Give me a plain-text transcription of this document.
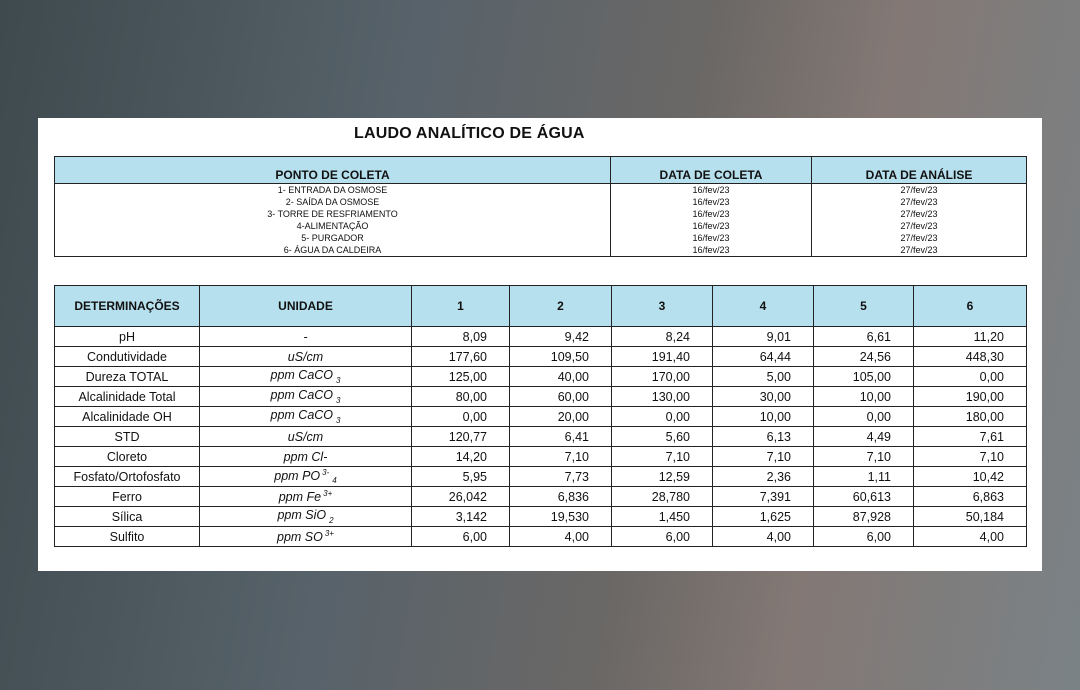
LAUDO ANALÍTICO DE ÁGUA
PONTO DE COLETA	DATA DE COLETA	DATA DE ANÁLISE
1- ENTRADA DA OSMOSE	16/fev/23	27/fev/23
2- SAÍDA DA OSMOSE	16/fev/23	27/fev/23
3- TORRE DE RESFRIAMENTO	16/fev/23	27/fev/23
4-ALIMENTAÇÃO	16/fev/23	27/fev/23
5- PURGADOR	16/fev/23	27/fev/23
6- ÁGUA DA CALDEIRA	16/fev/23	27/fev/23
DETERMINAÇÕES	UNIDADE	1	2	3	4	5	6
pH	-	8,09	9,42	8,24	9,01	6,61	11,20
Condutividade	uS/cm	177,60	109,50	191,40	64,44	24,56	448,30
Dureza TOTAL	ppm CaCO $_3$	125,00	40,00	170,00	5,00	105,00	0,00
Alcalinidade Total	ppm CaCO $_3$	80,00	60,00	130,00	30,00	10,00	190,00
Alcalinidade OH	ppm CaCO $_3$	0,00	20,00	0,00	10,00	0,00	180,00
STD	uS/cm	120,77	6,41	5,60	6,13	4,49	7,61
Cloreto	ppm Cl-	14,20	7,10	7,10	7,10	7,10	7,10
Fosfato/Ortofosfato	ppm PO $^{3-}_4$	5,95	7,73	12,59	2,36	1,11	10,42
Ferro	ppm Fe $^{3+}$	26,042	6,836	28,780	7,391	60,613	6,863
Sílica	ppm SiO $_2$	3,142	19,530	1,450	1,625	87,928	50,184
Sulfito	ppm SO $^{3+}$	6,00	4,00	6,00	4,00	6,00	4,00
